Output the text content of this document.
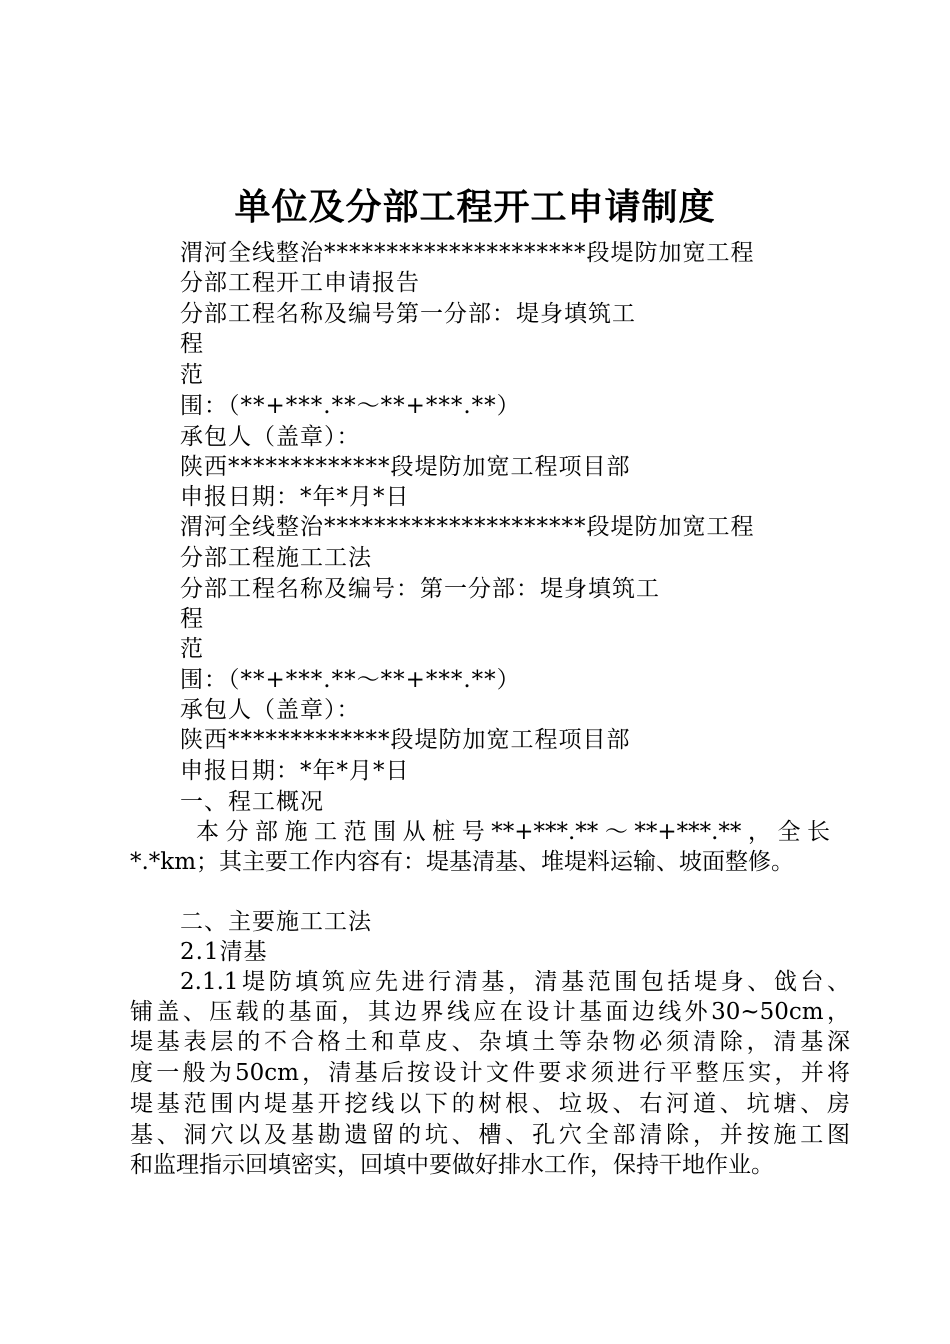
单位及分部工程开工申请制度
渭河全线整治*********************段堤防加宽工程
分部工程开工申请报告
分部工程名称及编号第一分部：堤身填筑工
程
范
围：（**+***.**～**+***.**）
承包人（盖章）：
陕西*************段堤防加宽工程项目部
申报日期：*年*月*日
渭河全线整治*********************段堤防加宽工程
分部工程施工工法
分部工程名称及编号：第一分部：堤身填筑工
程
范
围：（**+***.**～**+***.**）
承包人（盖章）：
陕西*************段堤防加宽工程项目部
申报日期：*年*月*日
一、程工概况
本分部施工范围从桩号**+***.**～**+***.**，全长
*.*km；其主要工作内容有：堤基清基、堆堤料运输、坡面整修。
二、主要施工工法
2.1清基
2.1.1堤防填筑应先进行清基，清基范围包括堤身、戗台、
铺盖、压载的基面，其边界线应在设计基面边线外30~50cm，
堤基表层的不合格土和草皮、杂填土等杂物必须清除，清基深
度一般为50cm，清基后按设计文件要求须进行平整压实，并将
堤基范围内堤基开挖线以下的树根、垃圾、右河道、坑塘、房
基、洞穴以及基勘遗留的坑、槽、孔穴全部清除，并按施工图
和监理指示回填密实，回填中要做好排水工作，保持干地作业。
